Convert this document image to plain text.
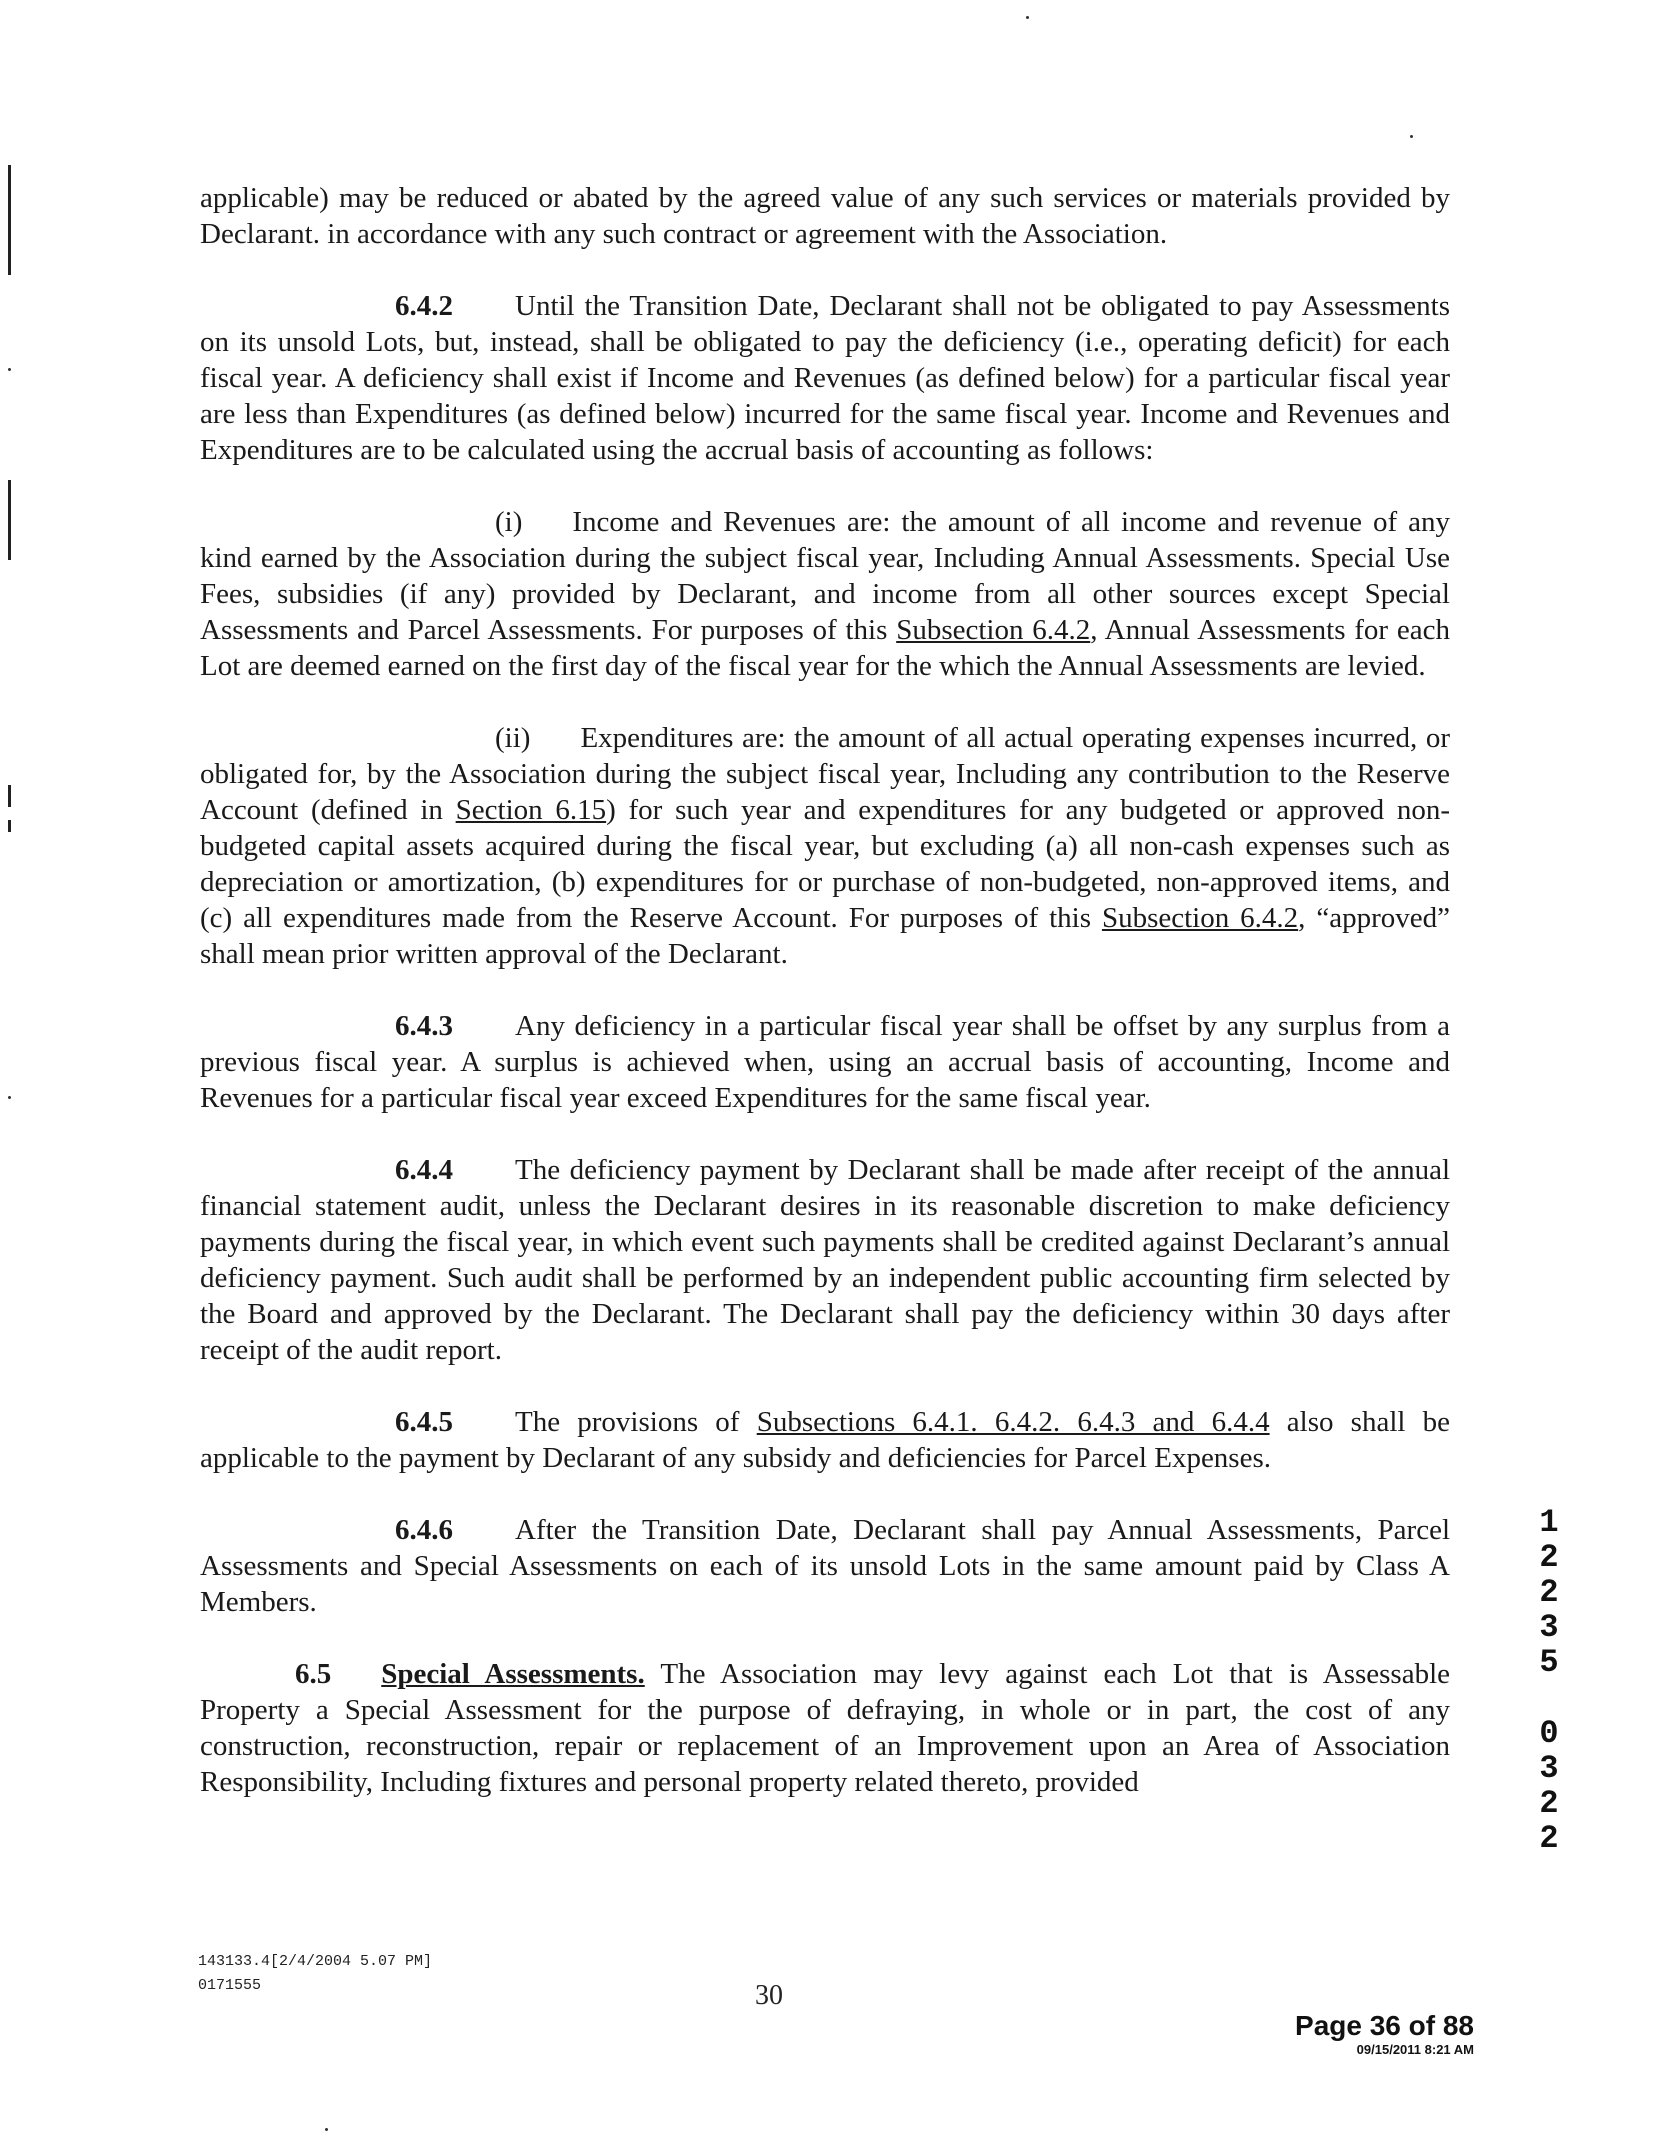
applicable) may be reduced or abated by the agreed value of any such services or materials provided by Declarant. in accordance with any such contract or agreement with the Association.

6.4.2 Until the Transition Date, Declarant shall not be obligated to pay Assessments on its unsold Lots, but, instead, shall be obligated to pay the deficiency (i.e., operating deficit) for each fiscal year. A deficiency shall exist if Income and Revenues (as defined below) for a particular fiscal year are less than Expenditures (as defined below) incurred for the same fiscal year. Income and Revenues and Expenditures are to be calculated using the accrual basis of accounting as follows:

(i) Income and Revenues are: the amount of all income and revenue of any kind earned by the Association during the subject fiscal year, Including Annual Assessments. Special Use Fees, subsidies (if any) provided by Declarant, and income from all other sources except Special Assessments and Parcel Assessments. For purposes of this Subsection 6.4.2, Annual Assessments for each Lot are deemed earned on the first day of the fiscal year for the which the Annual Assessments are levied.

(ii) Expenditures are: the amount of all actual operating expenses incurred, or obligated for, by the Association during the subject fiscal year, Including any contribution to the Reserve Account (defined in Section 6.15) for such year and expenditures for any budgeted or approved non-budgeted capital assets acquired during the fiscal year, but excluding (a) all non-cash expenses such as depreciation or amortization, (b) expenditures for or purchase of non-budgeted, non-approved items, and (c) all expenditures made from the Reserve Account. For purposes of this Subsection 6.4.2, “approved” shall mean prior written approval of the Declarant.

6.4.3 Any deficiency in a particular fiscal year shall be offset by any surplus from a previous fiscal year. A surplus is achieved when, using an accrual basis of accounting, Income and Revenues for a particular fiscal year exceed Expenditures for the same fiscal year.

6.4.4 The deficiency payment by Declarant shall be made after receipt of the annual financial statement audit, unless the Declarant desires in its reasonable discretion to make deficiency payments during the fiscal year, in which event such payments shall be credited against Declarant’s annual deficiency payment. Such audit shall be performed by an independent public accounting firm selected by the Board and approved by the Declarant. The Declarant shall pay the deficiency within 30 days after receipt of the audit report.

6.4.5 The provisions of Subsections 6.4.1. 6.4.2. 6.4.3 and 6.4.4 also shall be applicable to the payment by Declarant of any subsidy and deficiencies for Parcel Expenses.

6.4.6 After the Transition Date, Declarant shall pay Annual Assessments, Parcel Assessments and Special Assessments on each of its unsold Lots in the same amount paid by Class A Members.

6.5 Special Assessments. The Association may levy against each Lot that is Assessable Property a Special Assessment for the purpose of defraying, in whole or in part, the cost of any construction, reconstruction, repair or replacement of an Improvement upon an Area of Association Responsibility, Including fixtures and personal property related thereto, provided

143133.4[2/4/2004 5.07 PM]
0171555	30
Page 36 of 88
09/15/2011 8:21 AM
1
2
2
3
5
0
3
2
2
